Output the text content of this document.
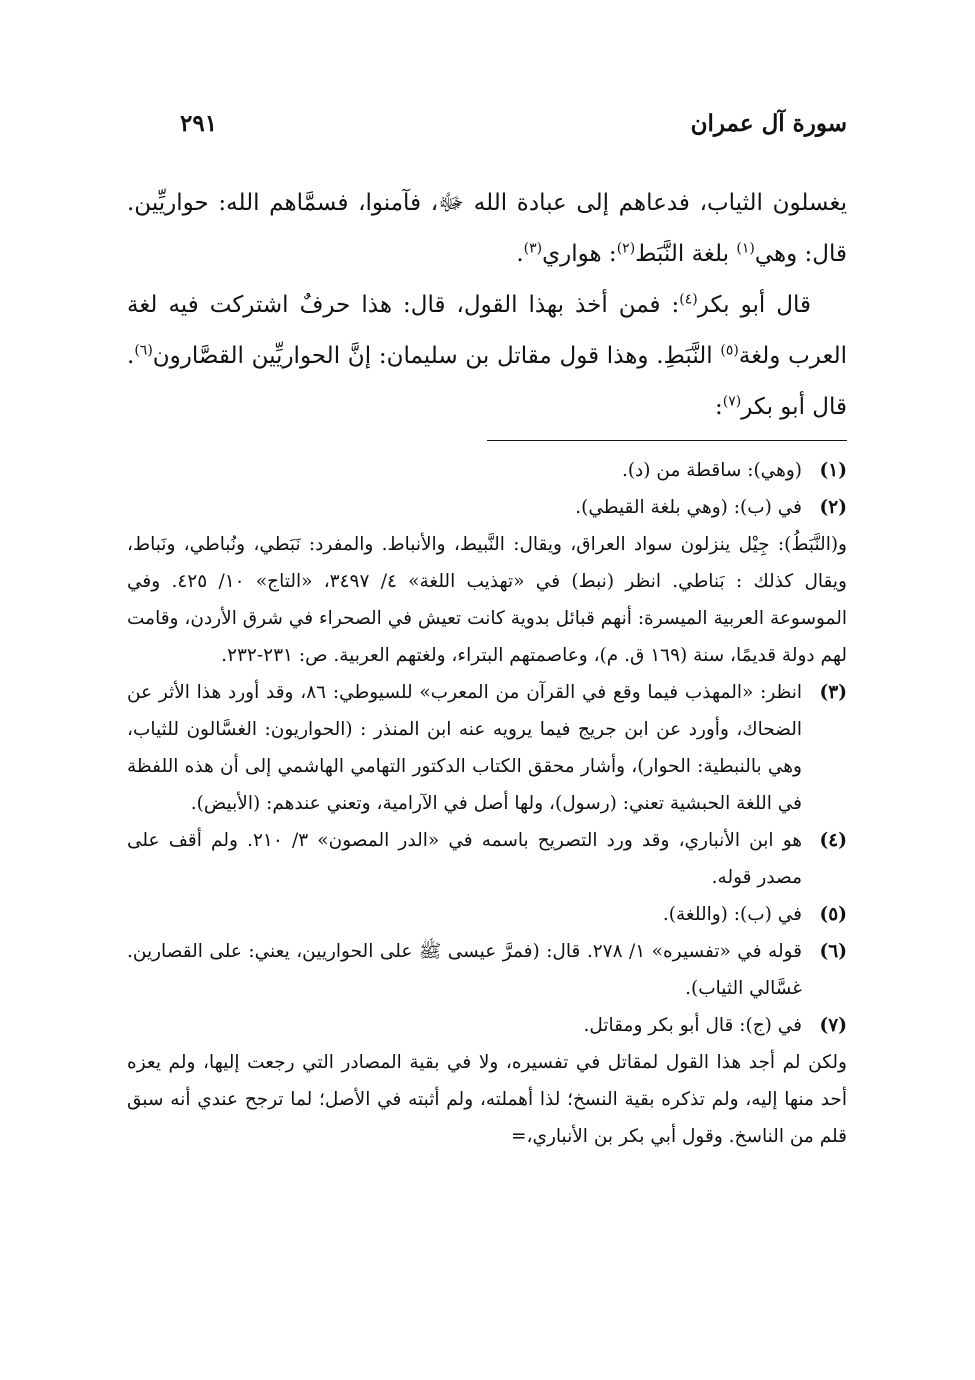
سورة آل عمران
٢٩١

يغسلون الثياب، فدعاهم إلى عبادة الله ﷻ، فآمنوا، فسمَّاهم الله: حواريِّين. قال: وهي$^{(١)}$ بلغة النَّبَط$^{(٢)}$: هواري$^{(٣)}$.

قال أبو بكر$^{(٤)}$: فمن أخذ بهذا القول، قال: هذا حرفٌ اشتركت فيه لغة العرب ولغة$^{(٥)}$ النَّبَطِ. وهذا قول مقاتل بن سليمان: إنَّ الحواريِّين القصَّارون$^{(٦)}$. قال أبو بكر$^{(٧)}$:

(١)
(وهي): ساقطة من (د).
(٢)
في (ب): (وهي بلغة القيطي).
و(النَّبَطُ): جِيْل ينزلون سواد العراق، ويقال: النَّبيط، والأنباط. والمفرد: نَبَطي، ونُباطي، ونَباط، ويقال كذلك : بَناطي. انظر (نبط) في «تهذيب اللغة» ٤/ ٣٤٩٧، «التاج» ١٠/ ٤٢٥. وفي الموسوعة العربية الميسرة: أنهم قبائل بدوية كانت تعيش في الصحراء في شرق الأردن، وقامت لهم دولة قديمًا، سنة (١٦٩ ق. م)، وعاصمتهم البتراء، ولغتهم العربية. ص: ٢٣١-٢٣٢.
(٣)
انظر: «المهذب فيما وقع في القرآن من المعرب» للسيوطي: ٨٦، وقد أورد هذا الأثر عن الضحاك، وأورد عن ابن جريج فيما يرويه عنه ابن المنذر : (الحواريون: الغسَّالون للثياب، وهي بالنبطية: الحوار)، وأشار محقق الكتاب الدكتور التهامي الهاشمي إلى أن هذه اللفظة في اللغة الحبشية تعني: (رسول)، ولها أصل في الآرامية، وتعني عندهم: (الأبيض).
(٤)
هو ابن الأنباري، وقد ورد التصريح باسمه في «الدر المصون» ٣/ ٢١٠. ولم أقف على مصدر قوله.
(٥)
في (ب): (واللغة).
(٦)
قوله في «تفسيره» ١/ ٢٧٨. قال: (فمرَّ عيسى ﷺ على الحواريين، يعني: على القصارين. غسَّالي الثياب).
(٧)
في (ج): قال أبو بكر ومقاتل.
ولكن لم أجد هذا القول لمقاتل في تفسيره، ولا في بقية المصادر التي رجعت إليها، ولم يعزه أحد منها إليه، ولم تذكره بقية النسخ؛ لذا أهملته، ولم أثبته في الأصل؛ لما ترجح عندي أنه سبق قلم من الناسخ. وقول أبي بكر بن الأنباري،=
